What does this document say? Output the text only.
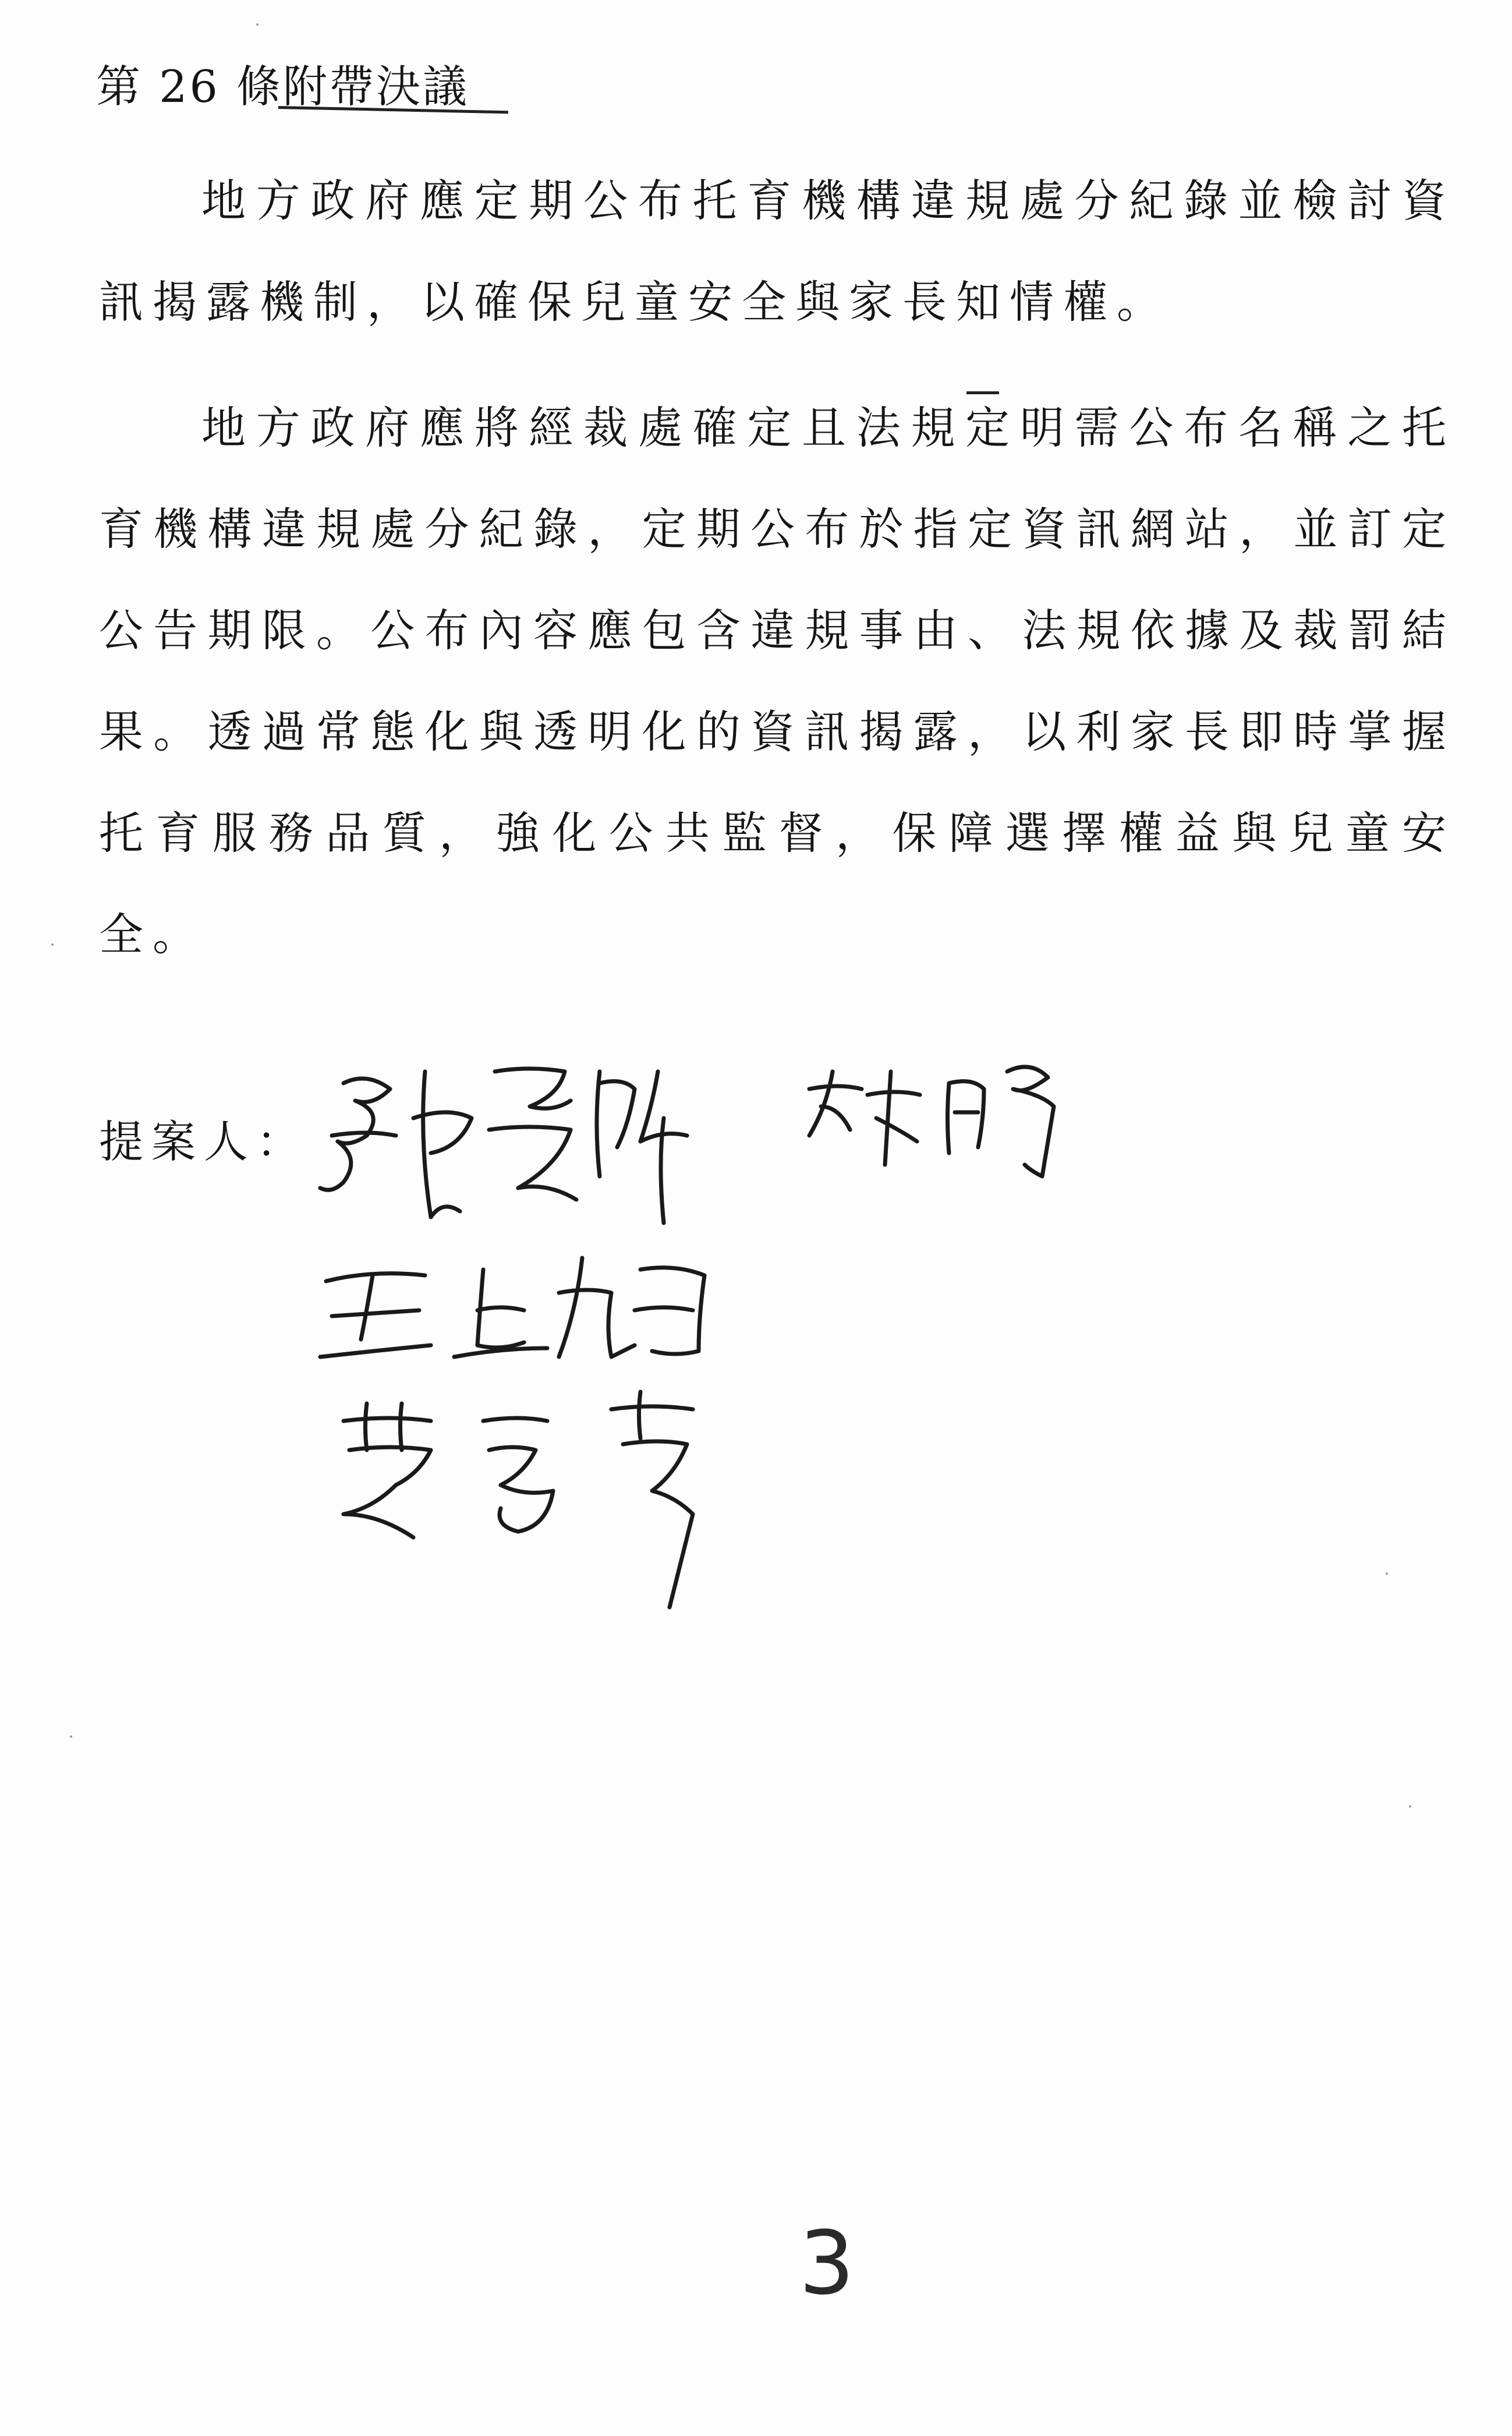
第 26 條附帶決議
地方政府應定期公布托育機構違規處分紀錄並檢討資訊揭露機制，以確保兒童安全與家長知情權。
地方政府應將經裁處確定且法規定明需公布名稱之托育機構違規處分紀錄，定期公布於指定資訊網站，並訂定公告期限。公布內容應包含違規事由、法規依據及裁罰結果。透過常態化與透明化的資訊揭露，以利家長即時掌握托育服務品質，強化公共監督，保障選擇權益與兒童安全。
提案人：
3
